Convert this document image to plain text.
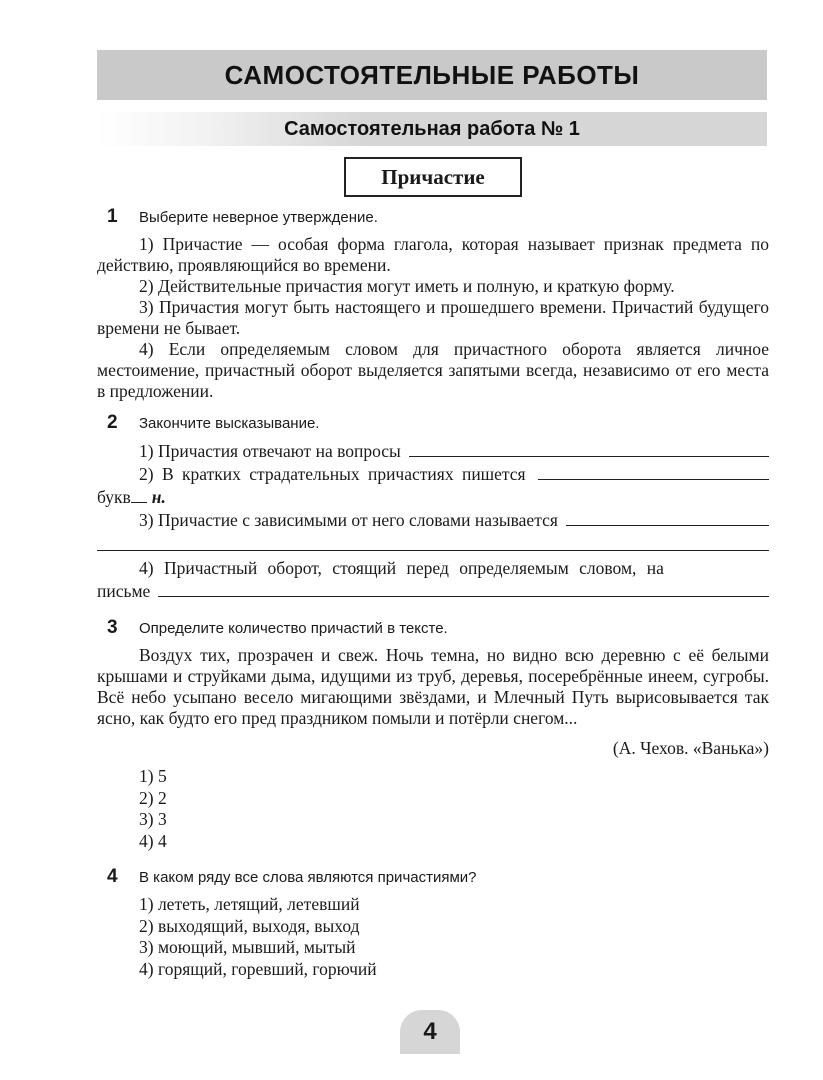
САМОСТОЯТЕЛЬНЫЕ РАБОТЫ
Самостоятельная работа № 1
Причастие
1	Выберите неверное утверждение.

1) Причастие — особая форма глагола, которая называет признак предмета по действию, проявляющийся во времени.

2) Действительные причастия могут иметь и полную, и краткую форму.

3) Причастия могут быть настоящего и прошедшего времени. Причастий будущего времени не бывает.

4) Если определяемым словом для причастного оборота является личное местоимение, причастный оборот выделяется запятыми всегда, независимо от его места в предложении.

2	Закончите высказывание.
1) Причастия отвечают на вопросы
2) В кратких страдательных причастиях пишется
букв н.
3) Причастие с зависимыми от него словами называется
4) Причастный оборот, стоящий перед определяемым словом, на
письме
3	Определите количество причастий в тексте.

Воздух тих, прозрачен и свеж. Ночь темна, но видно всю деревню с её белыми крышами и струйками дыма, идущими из труб, деревья, посеребрённые инеем, сугробы. Всё небо усыпано весело мигающими звёздами, и Млечный Путь вырисовывается так ясно, как будто его пред праздником помыли и потёрли снегом...

(А. Чехов. «Ванька»)
1) 5
2) 2
3) 3
4) 4
4	В каком ряду все слова являются причастиями?
1) лететь, летящий, летевший
2) выходящий, выходя, выход
3) моющий, мывший, мытый
4) горящий, горевший, горючий
4
